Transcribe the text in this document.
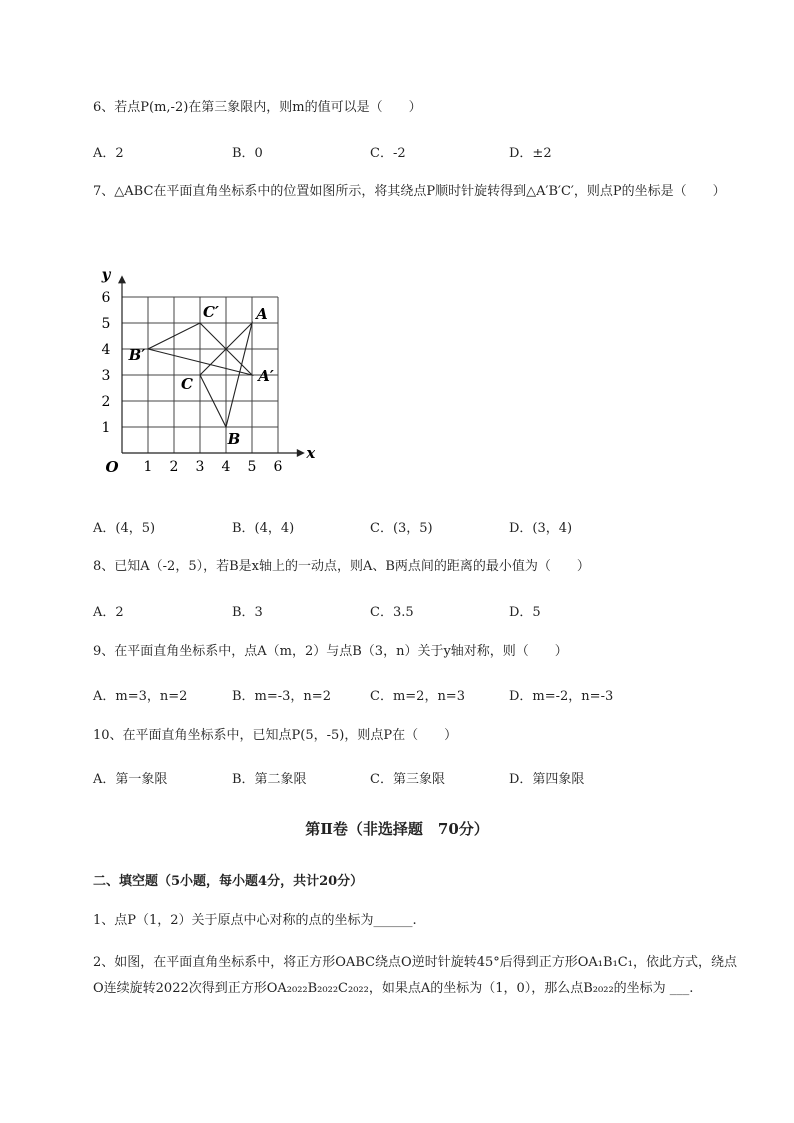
6、若点P(m,-2)在第三象限内，则m的值可以是（　　）
A．2	B．0	C．-2	D．±2
7、△ABC在平面直角坐标系中的位置如图所示，将其绕点P顺时针旋转得到△A′B′C′，则点P的坐标是（　　）
1 2 3 4 5 6
1
2
3
4
5
6
O
x
y
A
B
C	A′
B′
C′
A．(4，5)	B．(4，4)	C．(3，5)	D．(3，4)
8、已知A（-2，5），若B是x轴上的一动点，则A、B两点间的距离的最小值为（　　）
A．2	B．3	C．3.5	D．5
9、在平面直角坐标系中，点A（m，2）与点B（3，n）关于y轴对称，则（　　）
A．m=3，n=2	B．m=-3，n=2	C．m=2，n=3	D．m=-2，n=-3
10、在平面直角坐标系中，已知点P(5，-5)，则点P在（　　）
A．第一象限	B．第二象限	C．第三象限	D．第四象限
第Ⅱ卷（非选择题　70分）
二、填空题（5小题，每小题4分，共计20分）
1、点P（1，2）关于原点中心对称的点的坐标为______.
2、如图，在平面直角坐标系中，将正方形OABC绕点O逆时针旋转45°后得到正方形OA₁B₁C₁，依此方式，绕点O连续旋转2022次得到正方形OA₂₀₂₂B₂₀₂₂C₂₀₂₂，如果点A的坐标为（1，0），那么点B₂₀₂₂的坐标为 ___.
